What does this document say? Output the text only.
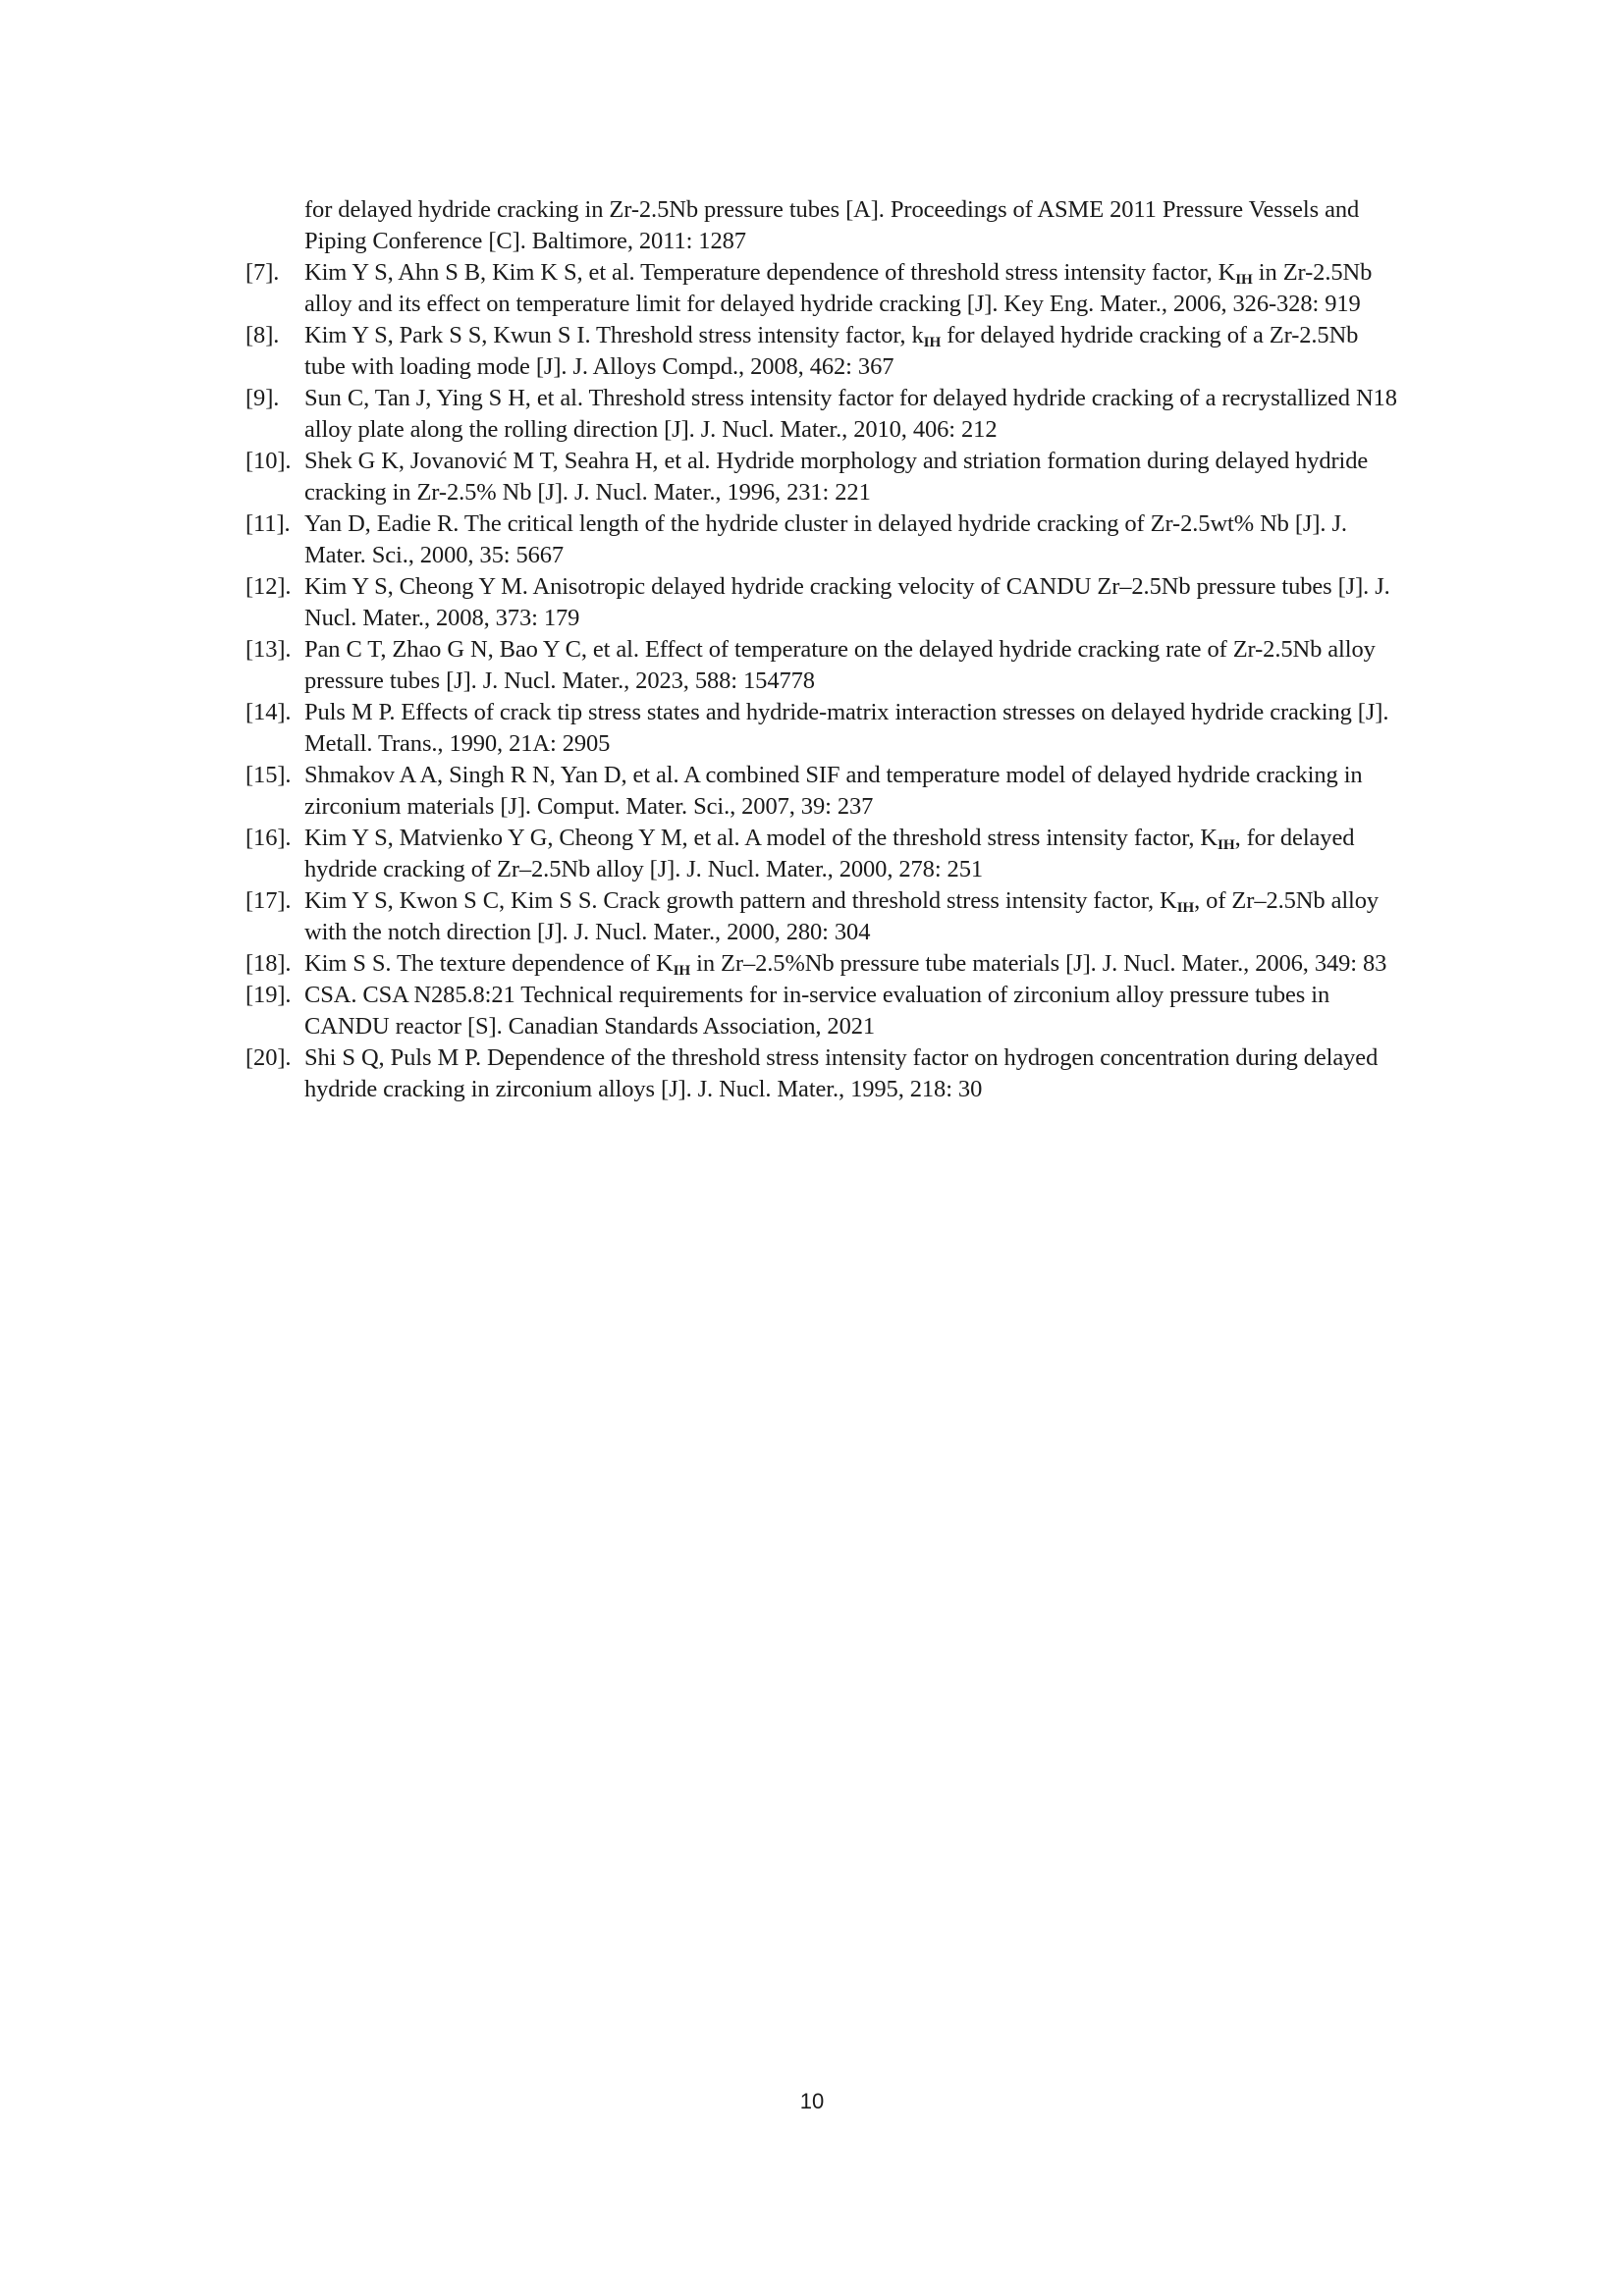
for delayed hydride cracking in Zr-2.5Nb pressure tubes [A]. Proceedings of ASME 2011 Pressure Vessels and Piping Conference [C]. Baltimore, 2011: 1287

[7].	Kim Y S, Ahn S B, Kim K S, et al. Temperature dependence of threshold stress intensity factor, $K_{IH}$ in Zr-2.5Nb alloy and its effect on temperature limit for delayed hydride cracking [J]. Key Eng. Mater., 2006, 326-328: 919

[8].	Kim Y S, Park S S, Kwun S I. Threshold stress intensity factor, $k_{IH}$ for delayed hydride cracking of a Zr-2.5Nb tube with loading mode [J]. J. Alloys Compd., 2008, 462: 367

[9].	Sun C, Tan J, Ying S H, et al. Threshold stress intensity factor for delayed hydride cracking of a recrystallized N18 alloy plate along the rolling direction [J]. J. Nucl. Mater., 2010, 406: 212

[10]. Shek G K, Jovanović M T, Seahra H, et al. Hydride morphology and striation formation during delayed hydride cracking in Zr-2.5% Nb [J]. J. Nucl. Mater., 1996, 231: 221

[11]. Yan D, Eadie R. The critical length of the hydride cluster in delayed hydride cracking of Zr-2.5wt% Nb [J]. J. Mater. Sci., 2000, 35: 5667

[12]. Kim Y S, Cheong Y M. Anisotropic delayed hydride cracking velocity of CANDU Zr–2.5Nb pressure tubes [J]. J. Nucl. Mater., 2008, 373: 179

[13]. Pan C T, Zhao G N, Bao Y C, et al. Effect of temperature on the delayed hydride cracking rate of Zr-2.5Nb alloy pressure tubes [J]. J. Nucl. Mater., 2023, 588: 154778

[14]. Puls M P. Effects of crack tip stress states and hydride-matrix interaction stresses on delayed hydride cracking [J]. Metall. Trans., 1990, 21A: 2905

[15]. Shmakov A A, Singh R N, Yan D, et al. A combined SIF and temperature model of delayed hydride cracking in zirconium materials [J]. Comput. Mater. Sci., 2007, 39: 237

[16]. Kim Y S, Matvienko Y G, Cheong Y M, et al. A model of the threshold stress intensity factor, $K_{IH}$, for delayed hydride cracking of Zr–2.5Nb alloy [J]. J. Nucl. Mater., 2000, 278: 251

[17]. Kim Y S, Kwon S C, Kim S S. Crack growth pattern and threshold stress intensity factor, $K_{IH}$, of Zr–2.5Nb alloy with the notch direction [J]. J. Nucl. Mater., 2000, 280: 304

[18]. Kim S S. The texture dependence of $K_{IH}$ in Zr–2.5%Nb pressure tube materials [J]. J. Nucl. Mater., 2006, 349: 83

[19]. CSA. CSA N285.8:21 Technical requirements for in-service evaluation of zirconium alloy pressure tubes in CANDU reactor [S]. Canadian Standards Association, 2021

[20]. Shi S Q, Puls M P. Dependence of the threshold stress intensity factor on hydrogen concentration during delayed hydride cracking in zirconium alloys [J]. J. Nucl. Mater., 1995, 218: 30

10
